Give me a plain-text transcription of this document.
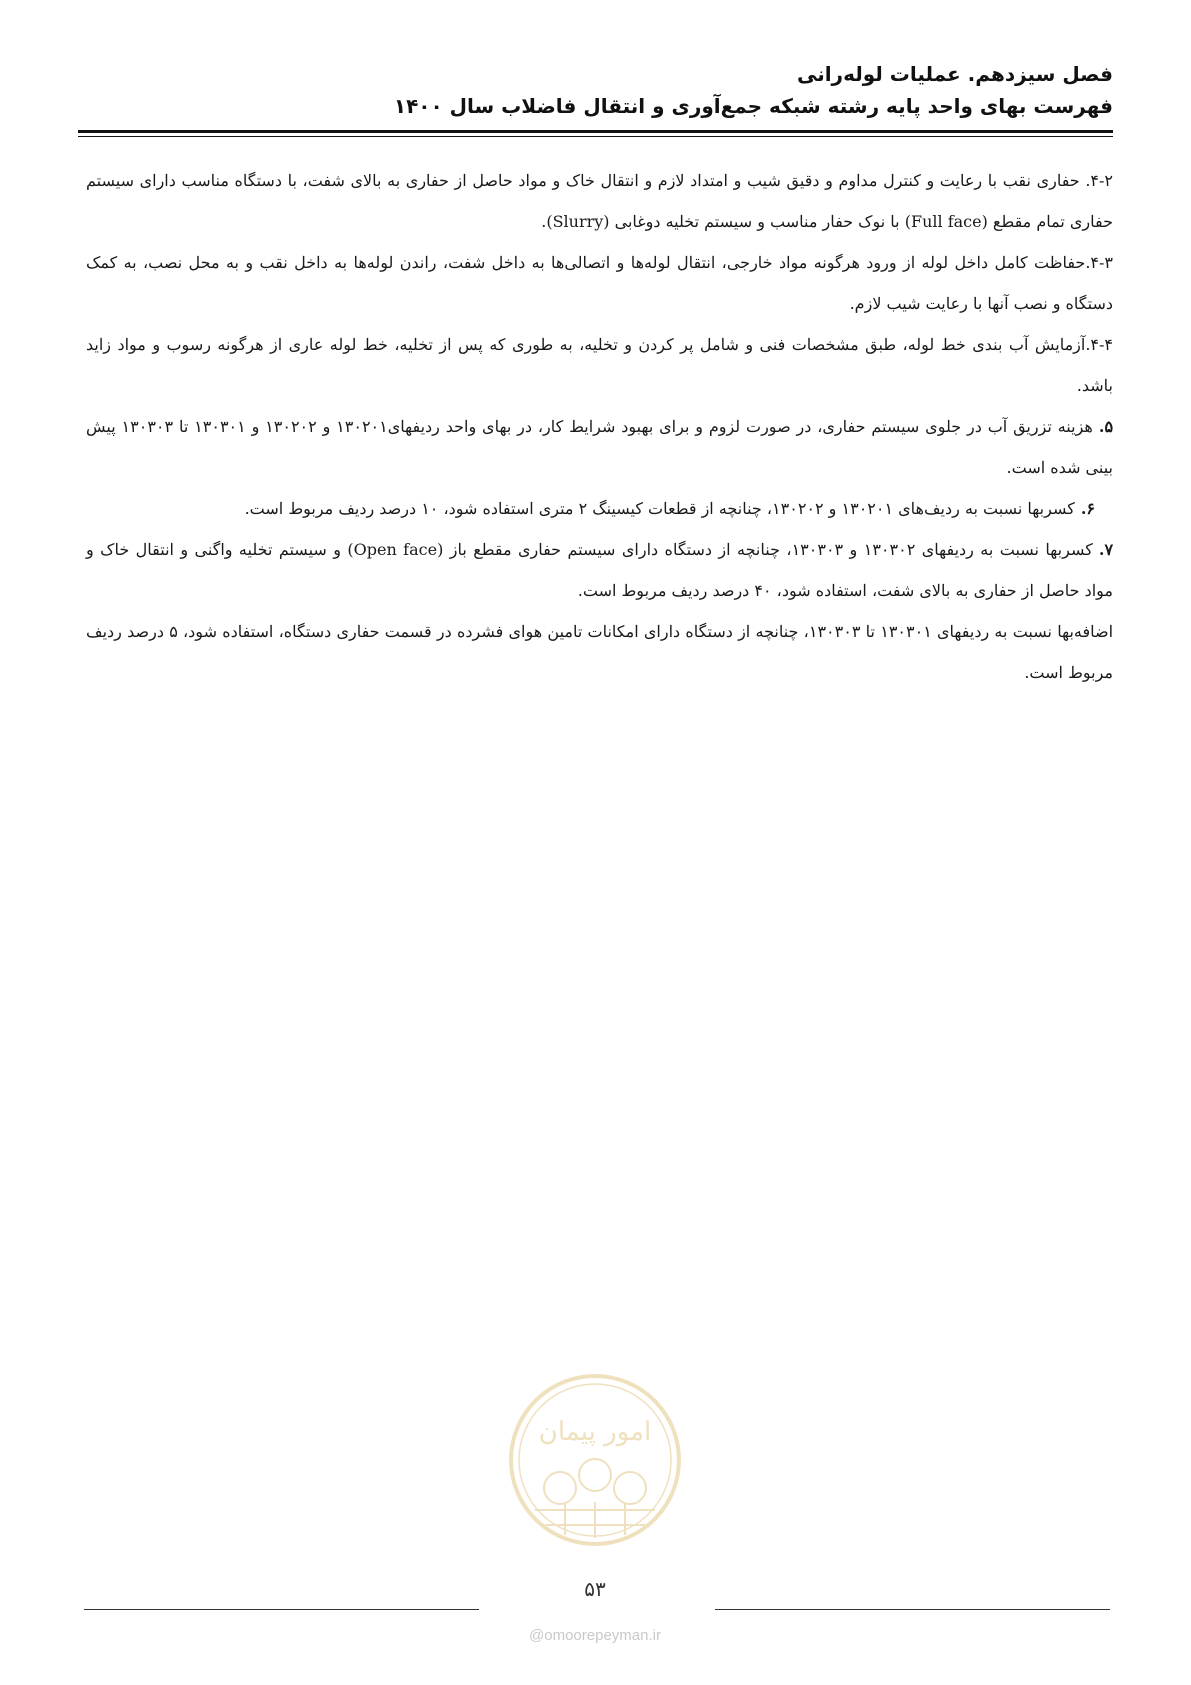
فصل سیزدهم. عملیات لوله‌رانی
فهرست بهای واحد پایه رشته شبکه جمع‌آوری و انتقال فاضلاب سال ۱۴۰۰

۴-۲. حفاری نقب با رعایت و کنترل مداوم و دقیق شیب و امتداد لازم و انتقال خاک و مواد حاصل از حفاری به بالای شفت، با دستگاه مناسب دارای سیستم حفاری تمام مقطع (Full face) با نوک حفار مناسب و سیستم تخلیه دوغابی (Slurry).

۴-۳.حفاظت کامل داخل لوله از ورود هرگونه مواد خارجی، انتقال لوله‌ها و اتصالی‌ها به داخل شفت، راندن لوله‌ها به داخل نقب و به محل نصب، به کمک دستگاه و نصب آنها با رعایت شیب لازم.

۴-۴.آزمایش آب بندی خط لوله، طبق مشخصات فنی و شامل پر کردن و تخلیه، به طوری که پس از تخلیه، خط لوله عاری از هرگونه رسوب و مواد زاید باشد.

۵.هزینه تزریق آب در جلوی سیستم حفاری، در صورت لزوم و برای بهبود شرایط کار، در بهای واحد ردیفهای۱۳۰۲۰۱ و ۱۳۰۲۰۲ و ۱۳۰۳۰۱ تا ۱۳۰۳۰۳ پیش بینی شده است.

۶.کسربها نسبت به ردیف‌های ۱۳۰۲۰۱ و ۱۳۰۲۰۲، چنانچه از قطعات کیسینگ ۲ متری استفاده شود، ۱۰ درصد ردیف مربوط است.

۷.کسربها نسبت به ردیفهای ۱۳۰۳۰۲ و ۱۳۰۳۰۳، چنانچه از دستگاه دارای سیستم حفاری مقطع باز (Open face) و سیستم تخلیه واگنی و انتقال خاک و مواد حاصل از حفاری به بالای شفت، استفاده شود، ۴۰ درصد ردیف مربوط است.

اضافه‌بها نسبت به ردیفهای ۱۳۰۳۰۱ تا ۱۳۰۳۰۳، چنانچه از دستگاه دارای امکانات تامین هوای فشرده در قسمت حفاری دستگاه، استفاده شود، ۵ درصد ردیف مربوط است.

امور پیمان
۵۳
@omoorepeyman.ir
